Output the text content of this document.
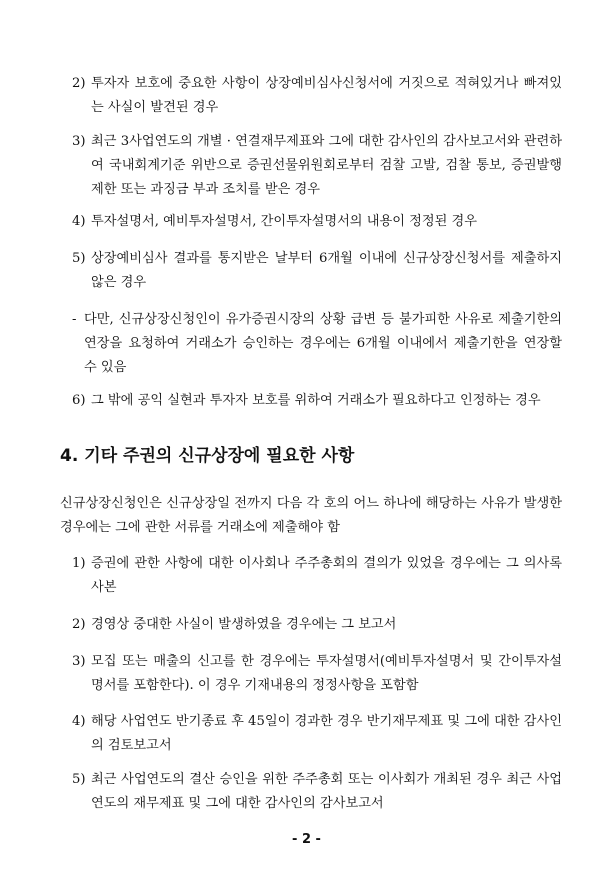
2) 투자자 보호에 중요한 사항이 상장예비심사신청서에 거짓으로 적혀있거나 빠져있는 사실이 발견된 경우
3) 최근 3사업연도의 개별 · 연결재무제표와 그에 대한 감사인의 감사보고서와 관련하여 국내회계기준 위반으로 증권선물위원회로부터 검찰 고발, 검찰 통보, 증권발행 제한 또는 과징금 부과 조치를 받은 경우
4) 투자설명서, 예비투자설명서, 간이투자설명서의 내용이 정정된 경우
5) 상장예비심사 결과를 통지받은 날부터 6개월 이내에 신규상장신청서를 제출하지 않은 경우
- 다만, 신규상장신청인이 유가증권시장의 상황 급변 등 불가피한 사유로 제출기한의 연장을 요청하여 거래소가 승인하는 경우에는 6개월 이내에서 제출기한을 연장할 수 있음
6) 그 밖에 공익 실현과 투자자 보호를 위하여 거래소가 필요하다고 인정하는 경우
4. 기타 주권의 신규상장에 필요한 사항
신규상장신청인은 신규상장일 전까지 다음 각 호의 어느 하나에 해당하는 사유가 발생한 경우에는 그에 관한 서류를 거래소에 제출해야 함
1) 증권에 관한 사항에 대한 이사회나 주주총회의 결의가 있었을 경우에는 그 의사록 사본
2) 경영상 중대한 사실이 발생하였을 경우에는 그 보고서
3) 모집 또는 매출의 신고를 한 경우에는 투자설명서(예비투자설명서 및 간이투자설명서를 포함한다). 이 경우 기재내용의 정정사항을 포함함
4) 해당 사업연도 반기종료 후 45일이 경과한 경우 반기재무제표 및 그에 대한 감사인의 검토보고서
5) 최근 사업연도의 결산 승인을 위한 주주총회 또는 이사회가 개최된 경우 최근 사업연도의 재무제표 및 그에 대한 감사인의 감사보고서
- 2 -
